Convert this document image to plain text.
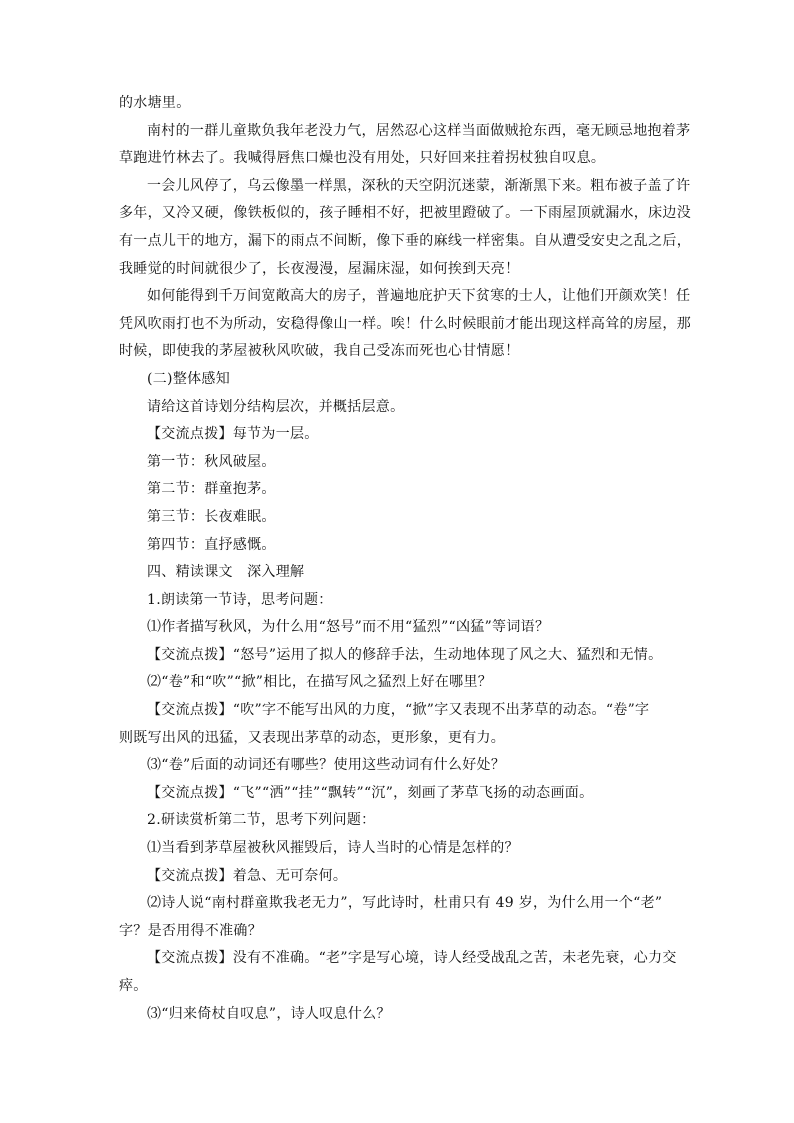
的水塘里。
南村的一群儿童欺负我年老没力气，居然忍心这样当面做贼抢东西，毫无顾忌地抱着茅
草跑进竹林去了。我喊得唇焦口燥也没有用处，只好回来拄着拐杖独自叹息。
一会儿风停了，乌云像墨一样黑，深秋的天空阴沉迷蒙，渐渐黑下来。粗布被子盖了许
多年，又冷又硬，像铁板似的，孩子睡相不好，把被里蹬破了。一下雨屋顶就漏水，床边没
有一点儿干的地方，漏下的雨点不间断，像下垂的麻线一样密集。自从遭受安史之乱之后，
我睡觉的时间就很少了，长夜漫漫，屋漏床湿，如何挨到天亮！
如何能得到千万间宽敞高大的房子，普遍地庇护天下贫寒的士人，让他们开颜欢笑！任
凭风吹雨打也不为所动，安稳得像山一样。唉！什么时候眼前才能出现这样高耸的房屋，那
时候，即使我的茅屋被秋风吹破，我自己受冻而死也心甘情愿！
(二)整体感知
请给这首诗划分结构层次，并概括层意。
【交流点拨】每节为一层。
第一节：秋风破屋。
第二节：群童抱茅。
第三节：长夜难眠。
第四节：直抒感慨。
四、精读课文　深入理解
1.朗读第一节诗，思考问题：
⑴作者描写秋风，为什么用“怒号”而不用“猛烈”“凶猛”等词语？
【交流点拨】“怒号”运用了拟人的修辞手法，生动地体现了风之大、猛烈和无情。
⑵“卷”和“吹”“掀”相比，在描写风之猛烈上好在哪里？
【交流点拨】“吹”字不能写出风的力度，“掀”字又表现不出茅草的动态。“卷”字
则既写出风的迅猛，又表现出茅草的动态，更形象，更有力。
⑶“卷”后面的动词还有哪些？使用这些动词有什么好处？
【交流点拨】“飞”“洒”“挂”“飘转”“沉”，刻画了茅草飞扬的动态画面。
2.研读赏析第二节，思考下列问题：
⑴当看到茅草屋被秋风摧毁后，诗人当时的心情是怎样的？
【交流点拨】着急、无可奈何。
⑵诗人说“南村群童欺我老无力”，写此诗时，杜甫只有 49 岁，为什么用一个“老”
字？是否用得不准确？
【交流点拨】没有不准确。“老”字是写心境，诗人经受战乱之苦，未老先衰，心力交
瘁。
⑶“归来倚杖自叹息”，诗人叹息什么？
